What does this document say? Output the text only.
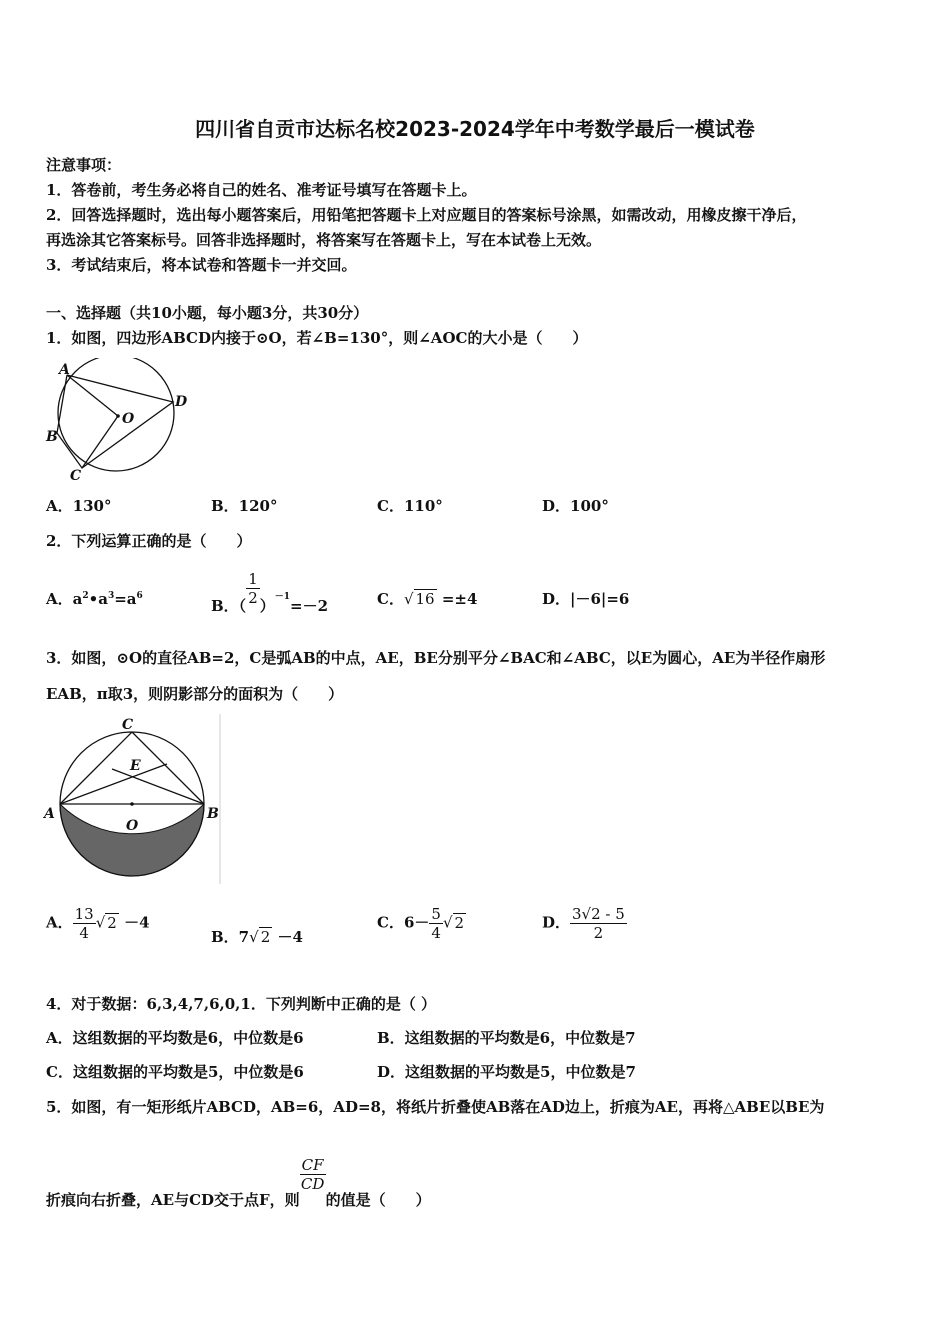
四川省自贡市达标名校2023-2024学年中考数学最后一模试卷
注意事项：
1．答卷前，考生务必将自己的姓名、准考证号填写在答题卡上。
2．回答选择题时，选出每小题答案后，用铅笔把答题卡上对应题目的答案标号涂黑，如需改动，用橡皮擦干净后，
再选涂其它答案标号。回答非选择题时，将答案写在答题卡上，写在本试卷上无效。
3．考试结束后，将本试卷和答题卡一并交回。
一、选择题（共10小题，每小题3分，共30分）
1．如图，四边形ABCD内接于⊙O，若∠B=130°，则∠AOC的大小是（　　）
A
B
C
D
O
A．130°	B．120°	C．110°	D．100°
2．下列运算正确的是（　　）
A．$a^2•a^3=a^6$
B．（ $\frac{1}{2} )^{-1}=-2$	C．√ 16 =±4	D．|－6|=6
3．如图，⊙O的直径AB=2，C是弧AB的中点，AE，BE分别平分∠BAC和∠ABC，以E为圆心，AE为半径作扇形
EAB，π取3，则阴影部分的面积为（　　）
C
E
A	B
O
A． $\frac{13}{4}$ √ 2 －4
B．7√ 2 －4
C．$6- \frac{5}{4}$ √ 2	D． $\frac{3√2 - 5}{2}$
4．对于数据：6,3,4,7,6,0,1．下列判断中正确的是（ ）
A．这组数据的平均数是6，中位数是6	B．这组数据的平均数是6，中位数是7
C．这组数据的平均数是5，中位数是6	D．这组数据的平均数是5，中位数是7
5．如图，有一矩形纸片ABCD，AB=6，AD=8，将纸片折叠使AB落在AD边上，折痕为AE，再将△ABE以BE为
折痕向右折叠，AE与CD交于点F，则
$\frac{CF}{CD}$
的值是（　　）
